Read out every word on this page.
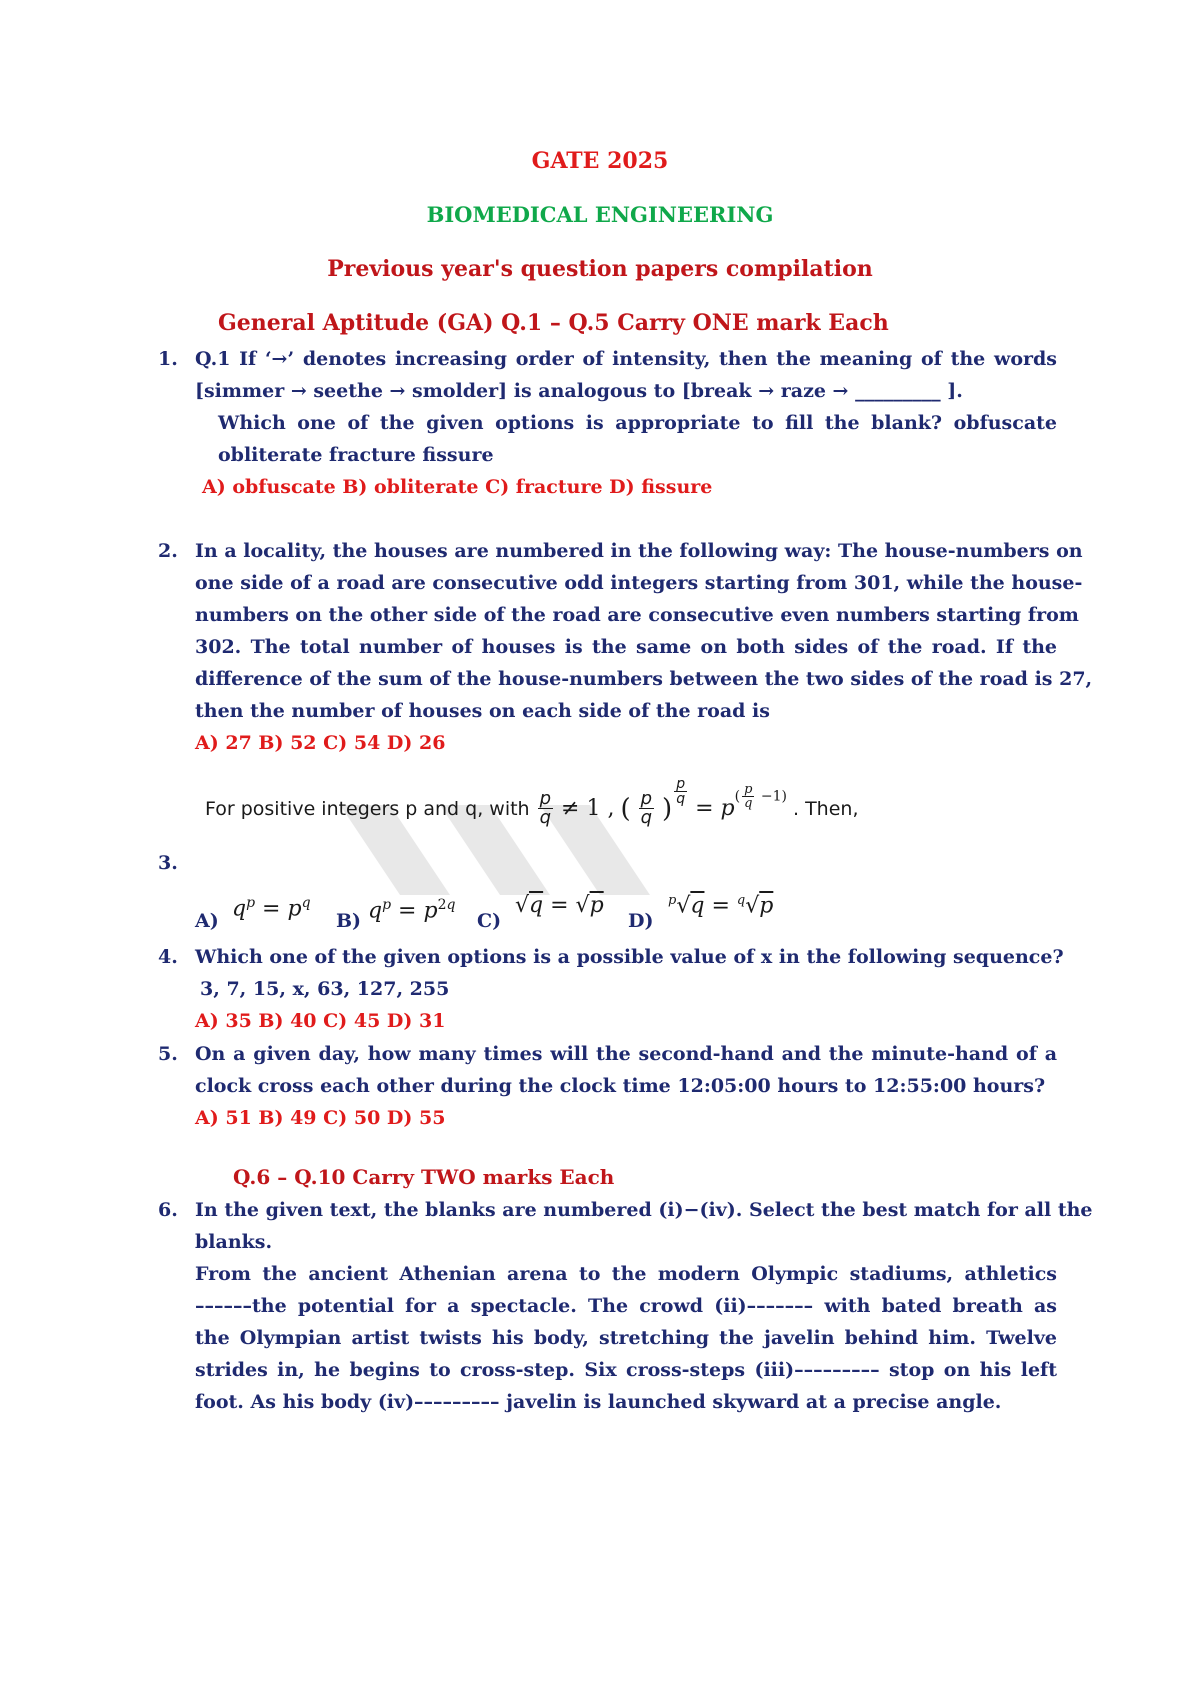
GATE 2025
BIOMEDICAL ENGINEERING
Previous year's question papers compilation
General Aptitude (GA) Q.1 – Q.5 Carry ONE mark Each
1. Q.1 If ‘→’ denotes increasing order of intensity, then the meaning of the words
[simmer → seethe → smolder] is analogous to [break → raze → _________ ].
Which one of the given options is appropriate to fill the blank? obfuscate
obliterate fracture fissure
A) obfuscate B) obliterate C) fracture D) fissure
2. In a locality, the houses are numbered in the following way: The house-numbers on
one side of a road are consecutive odd integers starting from 301, while the house-
numbers on the other side of the road are consecutive even numbers starting from
302. The total number of houses is the same on both sides of the road. If the
difference of the sum of the house-numbers between the two sides of the road is 27,
then the number of houses on each side of the road is
A) 27 B) 52 C) 54 D) 26
3.
For positive integers p and q, with $\frac{p}{q} \ne 1$ , ( $\frac{p}{q}$ )
$\frac{p}{q}$
= p ( $\frac{p}{q} -1$)
. Then,
A) $q^p = p^q$
B) $q^p = p^{2q}$
C)
√q = √p
D)
$^p$√q = $^q$√p
4. Which one of the given options is a possible value of x in the following sequence?
3, 7, 15, x, 63, 127, 255
A) 35 B) 40 C) 45 D) 31
5. On a given day, how many times will the second-hand and the minute-hand of a
clock cross each other during the clock time 12:05:00 hours to 12:55:00 hours?
A) 51 B) 49 C) 50 D) 55
Q.6 – Q.10 Carry TWO marks Each
6. In the given text, the blanks are numbered (i)−(iv). Select the best match for all the
blanks.
From the ancient Athenian arena to the modern Olympic stadiums, athletics
––––––the potential for a spectacle. The crowd (ii)––––––– with bated breath as
the Olympian artist twists his body, stretching the javelin behind him. Twelve
strides in, he begins to cross-step. Six cross-steps (iii)––––––––– stop on his left
foot. As his body (iv)––––––––– javelin is launched skyward at a precise angle.
